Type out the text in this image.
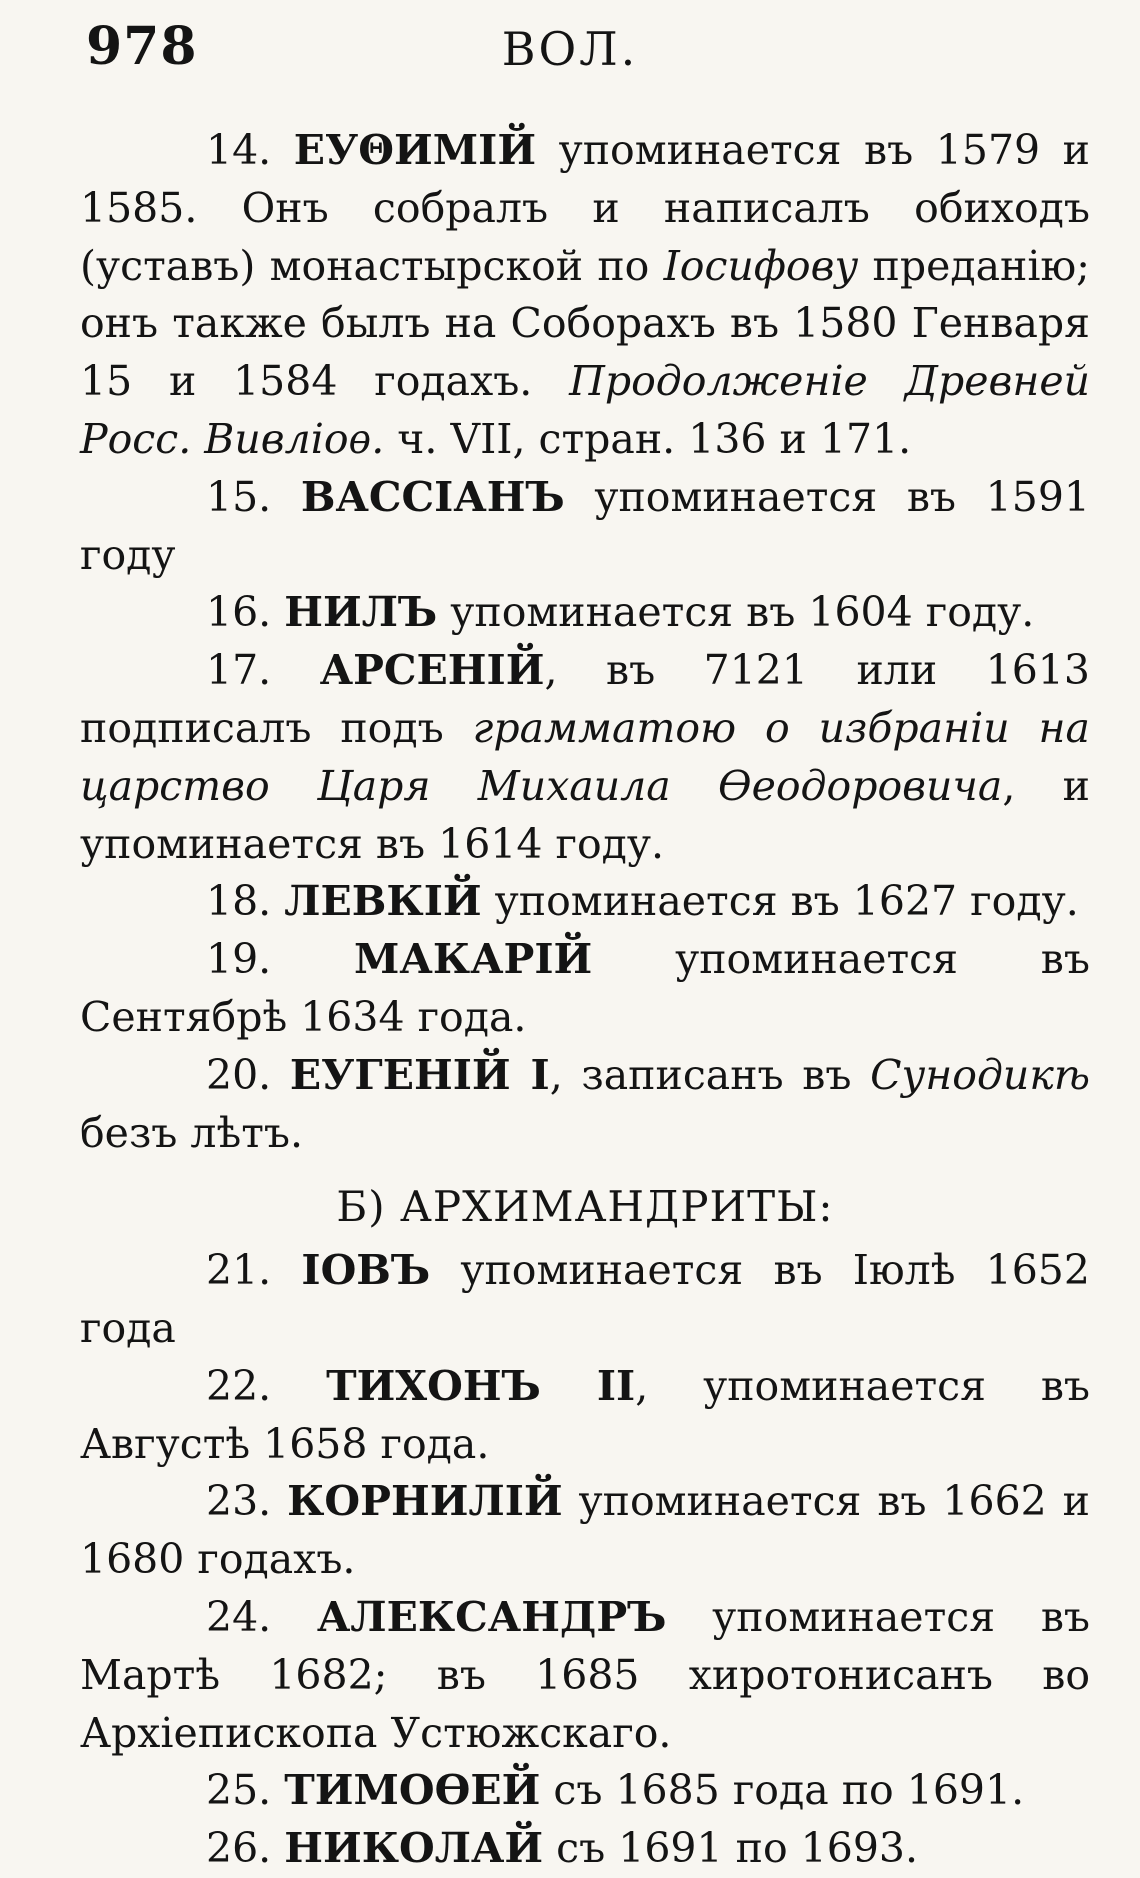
978	ВОЛ.

14. ЕУΘИМІЙ упоминается въ 1579 и 1585. Онъ собралъ и написалъ обиходъ (уставъ) монастырской по Іосифову преданію; онъ также былъ на Соборахъ въ 1580 Генваря 15 и 1584 годахъ. Продолженіе Древней Росс. Вивліоѳ. ч. VII, стран. 136 и 171.

15. ВАССІАНЪ упоминается въ 1591 году

16. НИЛЪ упоминается въ 1604 году.

17. АРСЕНІЙ, въ 7121 или 1613 подписалъ подъ грамматою о избраніи на царство Царя Михаила Ѳеодоровича, и упоминается въ 1614 году.

18. ЛЕВКІЙ упоминается въ 1627 году.

19. МАКАРІЙ упоминается въ Сентябрѣ 1634 года.

20. ЕУГЕНІЙ I, записанъ въ Сунодикѣ безъ лѣтъ.

Б) АРХИМАНДРИТЫ:

21. ІОВЪ упоминается въ Іюлѣ 1652 года

22. ТИХОНЪ II, упоминается въ Августѣ 1658 года.

23. КОРНИЛІЙ упоминается въ 1662 и 1680 годахъ.

24. АЛЕКСАНДРЪ упоминается въ Мартѣ 1682; въ 1685 хиротонисанъ во Архіепископа Устюжскаго.

25. ТИМОѲЕЙ съ 1685 года по 1691.

26. НИКОЛАЙ съ 1691 по 1693.
